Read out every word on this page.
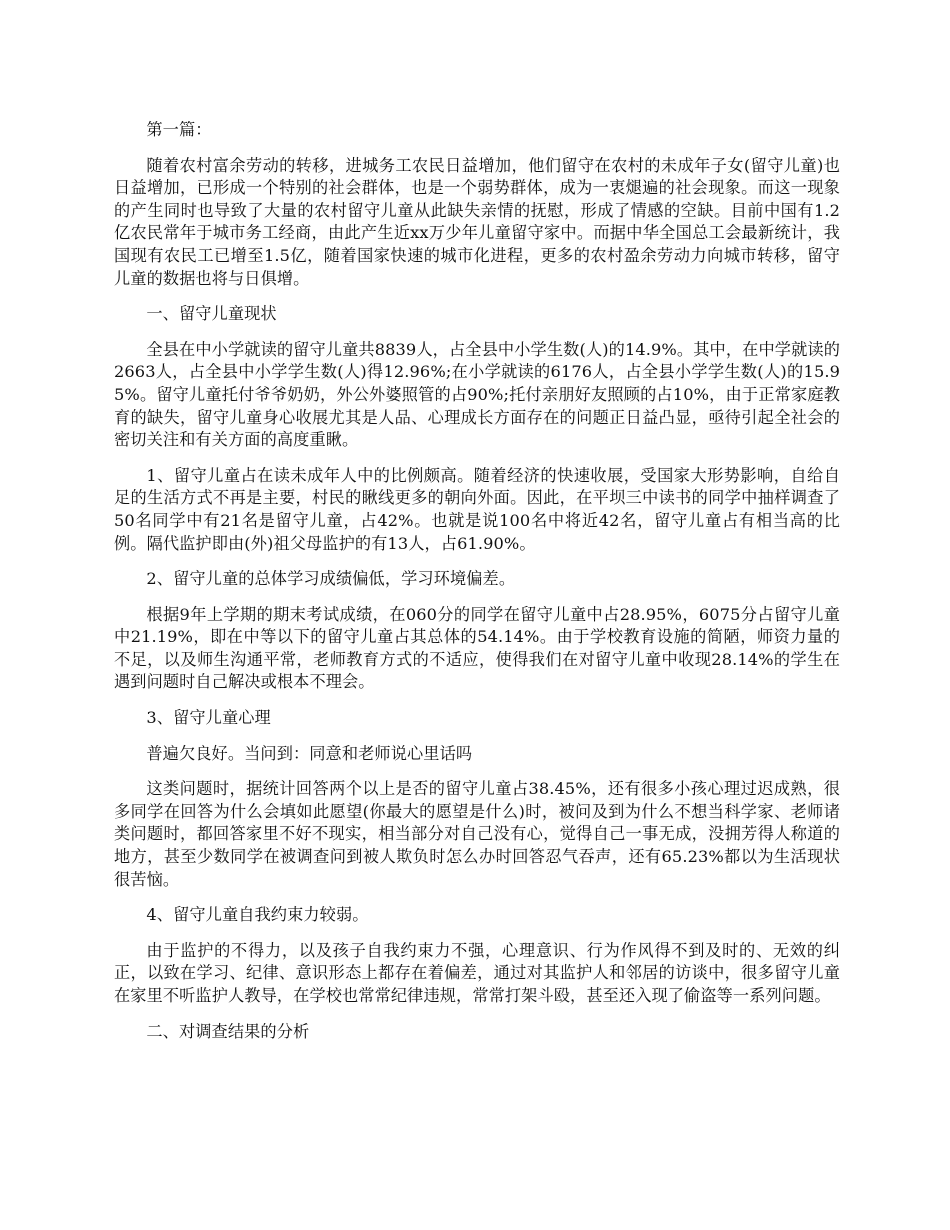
第一篇：

随着农村富余劳动的转移，进城务工农民日益增加，他们留守在农村的未成年子女(留守儿童)也日益增加，已形成一个特别的社会群体，也是一个弱势群体，成为一衷煺遍的社会现象。而这一现象的产生同时也导致了大量的农村留守儿童从此缺失亲情的抚慰，形成了情感的空缺。目前中国有1.2亿农民常年于城市务工经商，由此产生近xx万少年儿童留守家中。而据中华全国总工会最新统计，我国现有农民工已增至1.5亿，随着国家快速的城市化进程，更多的农村盈余劳动力向城市转移，留守儿童的数据也将与日俱增。

一、留守儿童现状

全县在中小学就读的留守儿童共8839人，占全县中小学生数(人)的14.9%。其中，在中学就读的2663人，占全县中小学学生数(人)得12.96%;在小学就读的6176人，占全县小学学生数(人)的15.95%。留守儿童托付爷爷奶奶，外公外婆照管的占90%;托付亲朋好友照顾的占10%，由于正常家庭教育的缺失，留守儿童身心收展尤其是人品、心理成长方面存在的问题正日益凸显，亟待引起全社会的密切关注和有关方面的高度重瞅。

1、留守儿童占在读未成年人中的比例颇高。随着经济的快速收展，受国家大形势影响，自给自足的生活方式不再是主要，村民的瞅线更多的朝向外面。因此，在平坝三中读书的同学中抽样调查了50名同学中有21名是留守儿童，占42%。也就是说100名中将近42名，留守儿童占有相当高的比例。隔代监护即由(外)祖父母监护的有13人，占61.90%。

2、留守儿童的总体学习成绩偏低，学习环境偏差。

根据9年上学期的期末考试成绩，在060分的同学在留守儿童中占28.95%，6075分占留守儿童中21.19%，即在中等以下的留守儿童占其总体的54.14%。由于学校教育设施的简陋，师资力量的不足，以及师生沟通平常，老师教育方式的不适应，使得我们在对留守儿童中收现28.14%的学生在遇到问题时自己解决或根本不理会。

3、留守儿童心理

普遍欠良好。当问到：同意和老师说心里话吗

这类问题时，据统计回答两个以上是否的留守儿童占38.45%，还有很多小孩心理过迟成熟，很多同学在回答为什么会填如此愿望(你最大的愿望是什么)时，被问及到为什么不想当科学家、老师诸类问题时，都回答家里不好不现实，相当部分对自己没有心，觉得自己一事无成，没拥芳得人称道的地方，甚至少数同学在被调查问到被人欺负时怎么办时回答忍气吞声，还有65.23%都以为生活现状很苦恼。

4、留守儿童自我约束力较弱。

由于监护的不得力，以及孩子自我约束力不强，心理意识、行为作风得不到及时的、无效的纠正，以致在学习、纪律、意识形态上都存在着偏差，通过对其监护人和邻居的访谈中，很多留守儿童在家里不听监护人教导，在学校也常常纪律违规，常常打架斗殴，甚至还入现了偷盗等一系列问题。

二、对调查结果的分析
